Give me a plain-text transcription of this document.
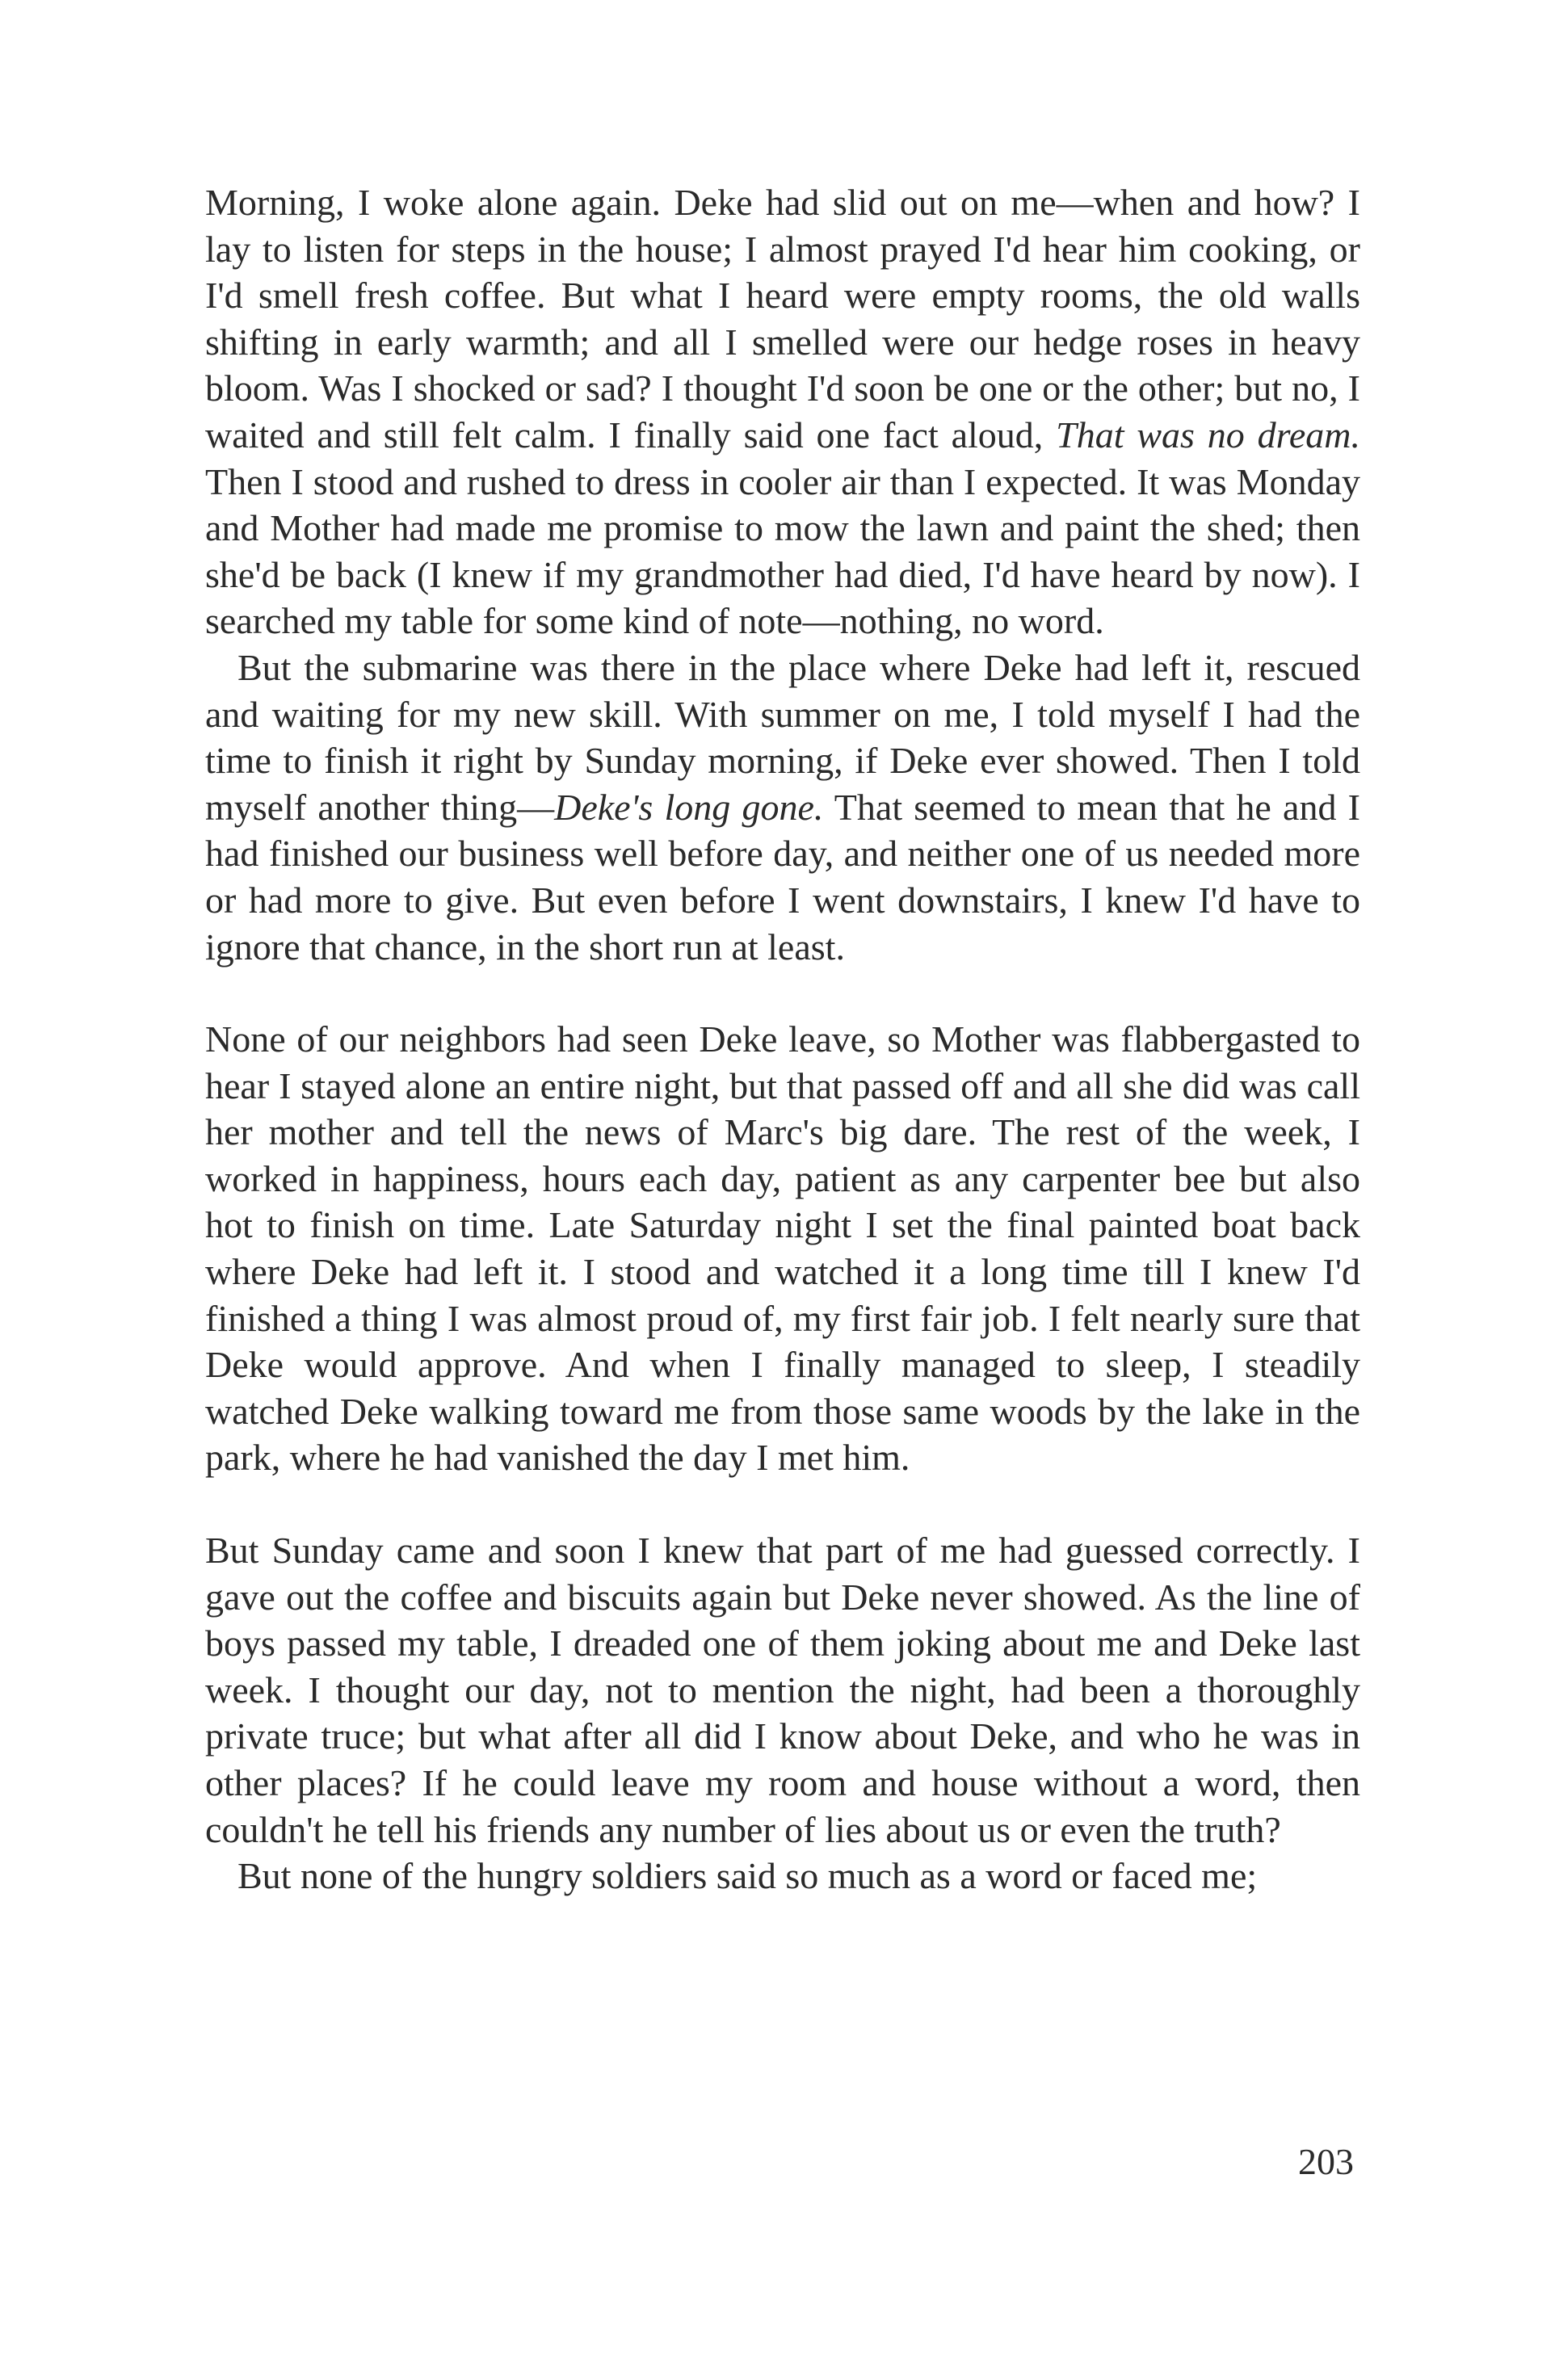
Morning, I woke alone again. Deke had slid out on me—when and how? I lay to listen for steps in the house; I almost prayed I'd hear him cooking, or I'd smell fresh coffee. But what I heard were empty rooms, the old walls shifting in early warmth; and all I smelled were our hedge roses in heavy bloom. Was I shocked or sad? I thought I'd soon be one or the other; but no, I waited and still felt calm. I finally said one fact aloud, That was no dream. Then I stood and rushed to dress in cooler air than I expected. It was Monday and Mother had made me promise to mow the lawn and paint the shed; then she'd be back (I knew if my grandmother had died, I'd have heard by now). I searched my table for some kind of note—nothing, no word.

But the submarine was there in the place where Deke had left it, rescued and waiting for my new skill. With summer on me, I told myself I had the time to finish it right by Sunday morning, if Deke ever showed. Then I told myself another thing—Deke's long gone. That seemed to mean that he and I had finished our business well before day, and neither one of us needed more or had more to give. But even before I went downstairs, I knew I'd have to ignore that chance, in the short run at least.

None of our neighbors had seen Deke leave, so Mother was flabbergasted to hear I stayed alone an entire night, but that passed off and all she did was call her mother and tell the news of Marc's big dare. The rest of the week, I worked in happiness, hours each day, patient as any carpenter bee but also hot to finish on time. Late Saturday night I set the final painted boat back where Deke had left it. I stood and watched it a long time till I knew I'd finished a thing I was almost proud of, my first fair job. I felt nearly sure that Deke would approve. And when I finally managed to sleep, I steadily watched Deke walking toward me from those same woods by the lake in the park, where he had vanished the day I met him.

But Sunday came and soon I knew that part of me had guessed correctly. I gave out the coffee and biscuits again but Deke never showed. As the line of boys passed my table, I dreaded one of them joking about me and Deke last week. I thought our day, not to mention the night, had been a thoroughly private truce; but what after all did I know about Deke, and who he was in other places? If he could leave my room and house without a word, then couldn't he tell his friends any number of lies about us or even the truth?

But none of the hungry soldiers said so much as a word or faced me;

203
